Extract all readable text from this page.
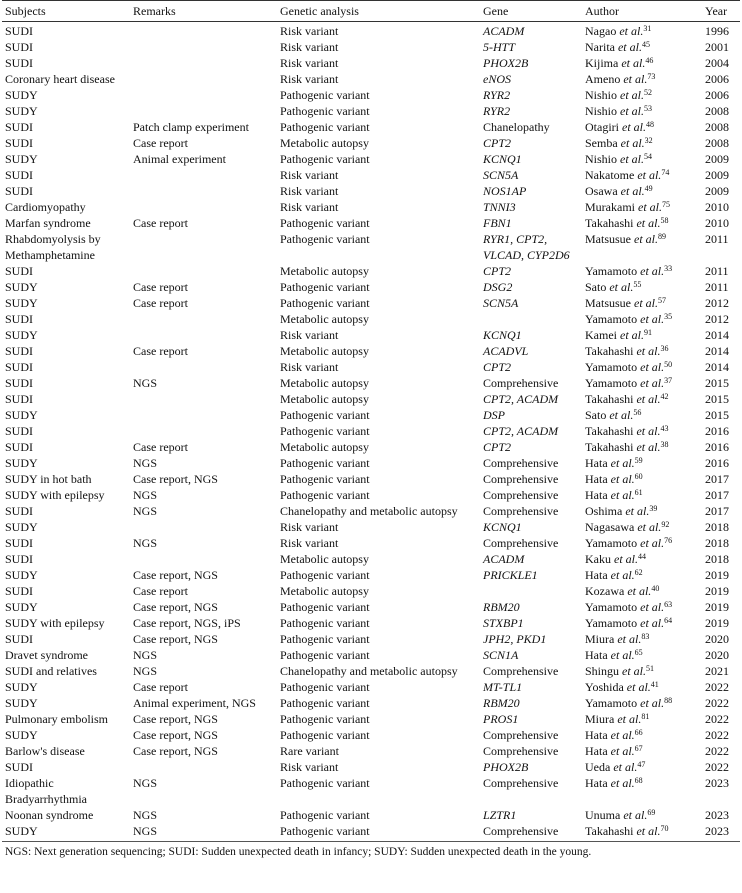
Subjects	Remarks	Genetic analysis	Gene	Author	Year
SUDI		Risk variant	ACADM	Nagao et al.$^{31}$	1996
SUDI		Risk variant	5-HTT	Narita et al.$^{45}$	2001
SUDI		Risk variant	PHOX2B	Kijima et al.$^{46}$	2004
Coronary heart disease		Risk variant	eNOS	Ameno et al.$^{73}$	2006
SUDY		Pathogenic variant	RYR2	Nishio et al.$^{52}$	2006
SUDY		Pathogenic variant	RYR2	Nishio et al.$^{53}$	2008
SUDI	Patch clamp experiment	Pathogenic variant	Chanelopathy	Otagiri et al.$^{48}$	2008
SUDI	Case report	Metabolic autopsy	CPT2	Semba et al.$^{32}$	2008
SUDY	Animal experiment	Pathogenic variant	KCNQ1	Nishio et al.$^{54}$	2009
SUDI		Risk variant	SCN5A	Nakatome et al.$^{74}$	2009
SUDI		Risk variant	NOS1AP	Osawa et al.$^{49}$	2009
Cardiomyopathy		Risk variant	TNNI3	Murakami et al.$^{75}$	2010
Marfan syndrome	Case report	Pathogenic variant	FBN1	Takahashi et al.$^{58}$	2010
Rhabdomyolysis by Methamphetamine		Pathogenic variant	RYR1, CPT2, VLCAD, CYP2D6	Matsusue et al.$^{89}$	2011
SUDI		Metabolic autopsy	CPT2	Yamamoto et al.$^{33}$	2011
SUDY	Case report	Pathogenic variant	DSG2	Sato et al.$^{55}$	2011
SUDY	Case report	Pathogenic variant	SCN5A	Matsusue et al.$^{57}$	2012
SUDI		Metabolic autopsy		Yamamoto et al.$^{35}$	2012
SUDY		Risk variant	KCNQ1	Kamei et al.$^{91}$	2014
SUDI	Case report	Metabolic autopsy	ACADVL	Takahashi et al.$^{36}$	2014
SUDI		Risk variant	CPT2	Yamamoto et al.$^{50}$	2014
SUDI	NGS	Metabolic autopsy	Comprehensive	Yamamoto et al.$^{37}$	2015
SUDI		Metabolic autopsy	CPT2, ACADM	Takahashi et al.$^{42}$	2015
SUDY		Pathogenic variant	DSP	Sato et al.$^{56}$	2015
SUDI		Pathogenic variant	CPT2, ACADM	Takahashi et al.$^{43}$	2016
SUDI	Case report	Metabolic autopsy	CPT2	Takahashi et al.$^{38}$	2016
SUDY	NGS	Pathogenic variant	Comprehensive	Hata et al.$^{59}$	2016
SUDY in hot bath	Case report, NGS	Pathogenic variant	Comprehensive	Hata et al.$^{60}$	2017
SUDY with epilepsy	NGS	Pathogenic variant	Comprehensive	Hata et al.$^{61}$	2017
SUDI	NGS	Chanelopathy and metabolic autopsy	Comprehensive	Oshima et al.$^{39}$	2017
SUDY		Risk variant	KCNQ1	Nagasawa et al.$^{92}$	2018
SUDI	NGS	Risk variant	Comprehensive	Yamamoto et al.$^{76}$	2018
SUDI		Metabolic autopsy	ACADM	Kaku et al.$^{44}$	2018
SUDY	Case report, NGS	Pathogenic variant	PRICKLE1	Hata et al.$^{62}$	2019
SUDI	Case report	Metabolic autopsy		Kozawa et al.$^{40}$	2019
SUDY	Case report, NGS	Pathogenic variant	RBM20	Yamamoto et al.$^{63}$	2019
SUDY with epilepsy	Case report, NGS, iPS	Pathogenic variant	STXBP1	Yamamoto et al.$^{64}$	2019
SUDI	Case report, NGS	Pathogenic variant	JPH2, PKD1	Miura et al.$^{83}$	2020
Dravet syndrome	NGS	Pathogenic variant	SCN1A	Hata et al.$^{65}$	2020
SUDI and relatives	NGS	Chanelopathy and metabolic autopsy	Comprehensive	Shingu et al.$^{51}$	2021
SUDY	Case report	Pathogenic variant	MT-TL1	Yoshida et al.$^{41}$	2022
SUDY	Animal experiment, NGS	Pathogenic variant	RBM20	Yamamoto et al.$^{88}$	2022
Pulmonary embolism	Case report, NGS	Pathogenic variant	PROS1	Miura et al.$^{81}$	2022
SUDY	Case report, NGS	Pathogenic variant	Comprehensive	Hata et al.$^{66}$	2022
Barlow's disease	Case report, NGS	Rare variant	Comprehensive	Hata et al.$^{67}$	2022
SUDI		Risk variant	PHOX2B	Ueda et al.$^{47}$	2022
Idiopathic Bradyarrhythmia	NGS	Pathogenic variant	Comprehensive	Hata et al.$^{68}$	2023
Noonan syndrome	NGS	Pathogenic variant	LZTR1	Unuma et al.$^{69}$	2023
SUDY	NGS	Pathogenic variant	Comprehensive	Takahashi et al.$^{70}$	2023
NGS: Next generation sequencing; SUDI: Sudden unexpected death in infancy; SUDY: Sudden unexpected death in the young.
